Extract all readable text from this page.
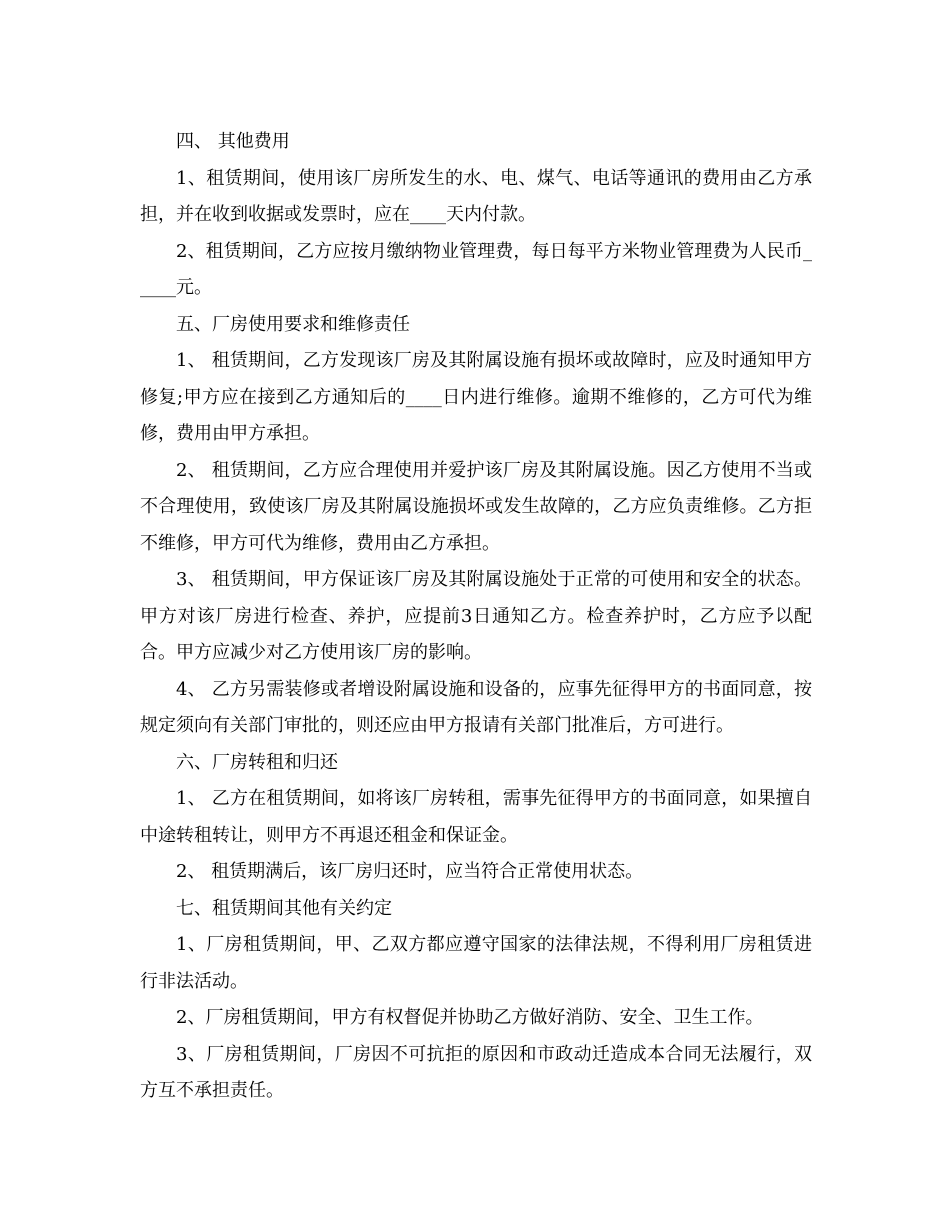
四、 其他费用

1、租赁期间，使用该厂房所发生的水、电、煤气、电话等通讯的费用由乙方承担，并在收到收据或发票时，应在____天内付款。

2、租赁期间，乙方应按月缴纳物业管理费，每日每平方米物业管理费为人民币_____元。

五、厂房使用要求和维修责任

1、 租赁期间，乙方发现该厂房及其附属设施有损坏或故障时，应及时通知甲方修复;甲方应在接到乙方通知后的____日内进行维修。逾期不维修的，乙方可代为维修，费用由甲方承担。

2、 租赁期间，乙方应合理使用并爱护该厂房及其附属设施。因乙方使用不当或不合理使用，致使该厂房及其附属设施损坏或发生故障的，乙方应负责维修。乙方拒不维修，甲方可代为维修，费用由乙方承担。

3、 租赁期间，甲方保证该厂房及其附属设施处于正常的可使用和安全的状态。甲方对该厂房进行检查、养护，应提前3日通知乙方。检查养护时，乙方应予以配合。甲方应减少对乙方使用该厂房的影响。

4、 乙方另需装修或者增设附属设施和设备的，应事先征得甲方的书面同意，按规定须向有关部门审批的，则还应由甲方报请有关部门批准后，方可进行。

六、厂房转租和归还

1、 乙方在租赁期间，如将该厂房转租，需事先征得甲方的书面同意，如果擅自中途转租转让，则甲方不再退还租金和保证金。

2、 租赁期满后，该厂房归还时，应当符合正常使用状态。

七、租赁期间其他有关约定

1、厂房租赁期间，甲、乙双方都应遵守国家的法律法规，不得利用厂房租赁进行非法活动。

2、厂房租赁期间，甲方有权督促并协助乙方做好消防、安全、卫生工作。

3、厂房租赁期间，厂房因不可抗拒的原因和市政动迁造成本合同无法履行，双方互不承担责任。
